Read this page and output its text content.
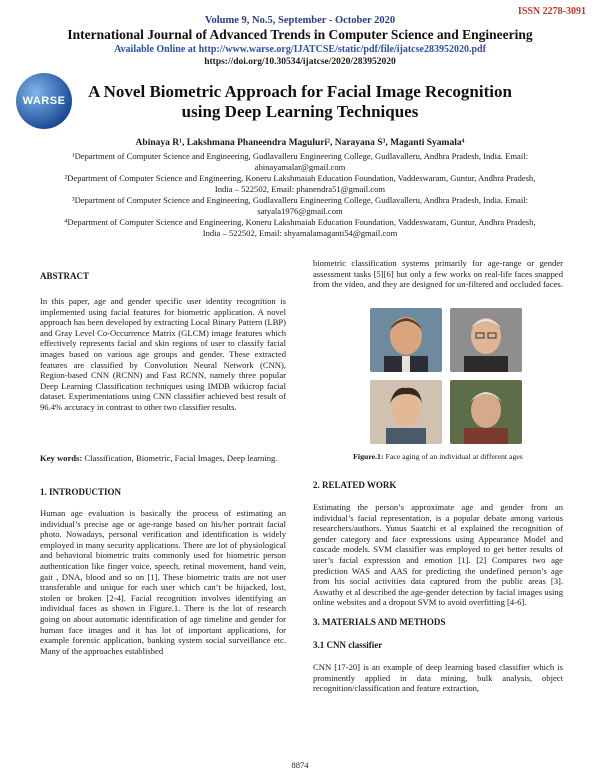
ISSN 2278-3091
Volume 9, No.5, September - October 2020
International Journal of Advanced Trends in Computer Science and Engineering
Available Online at http://www.warse.org/IJATCSE/static/pdf/file/ijatcse283952020.pdf
https://doi.org/10.30534/ijatcse/2020/283952020
WARSE	A Novel Biometric Approach for Facial Image Recognition using Deep Learning Techniques
Abinaya R¹, Lakshmana Phaneendra Maguluri², Narayana S³, Maganti Syamala⁴
¹Department of Computer Science and Engineering, Gudlavalleru Engineering College, Gudlavalleru, Andhra Pradesh, India. Email: abinayamalar@gmail.com
²Department of Computer Science and Engineering, Koneru Lakshmaiah Education Foundation, Vaddeswaram, Guntur, Andhra Pradesh, India – 522502, Email: phanendra51@gmail.com
³Department of Computer Science and Engineering, Gudlavalleru Engineering College, Gudlavalleru, Andhra Pradesh, India. Email: satyala1976@gmail.com
⁴Department of Computer Science and Engineering, Koneru Lakshmaiah Education Foundation, Vaddeswaram, Guntur, Andhra Pradesh, India – 522502, Email: shyamalamaganti54@gmail.com
ABSTRACT

In this paper, age and gender specific user identity recognition is implemented using facial features for biometric application. A novel approach has been developed by extracting Local Binary Pattern (LBP) and Gray Level Co-Occurrence Matrix (GLCM) image features which effectively represents facial and skin regions of user to classify facial images based on various age groups and gender. These extracted features are classified by Convolution Neural Network (CNN), Region-based CNN (RCNN) and Fast RCNN, namely three popular Deep Learning Classification techniques using IMDB wikicrop facial dataset. Experimentations using CNN classifier achieved best result of 96.4% accuracy in contrast to other two classifier results.

Key words: Classification, Biometric, Facial Images, Deep learning.

1. INTRODUCTION

Human age evaluation is basically the process of estimating an individual’s precise age or age-range based on his/her portrait facial photo. Nowadays, personal verification and identification is widely employed in many security applications. There are lot of physiological and behavioral biometric traits commonly used for biometric person authentication like finger voice, speech, retinal movement, hand vein, gait , DNA, blood and so on [1]. These biometric traits are not user transferable and unique for each user which can’t be hijacked, lost, stolen or broken [2-4]. Facial recognition involves identifying an individual faces as shown in Figure.1. There is the lot of research going on about automatic identification of age timeline and gender for human face images and it has lot of important applications, for example forensic application, banking system social surveillance etc. Many of the approaches established

biometric classification systems primarily for age-range or gender assessment tasks [5][6] but only a few works on real-life faces snapped from the video, and they are designed for un-filtered and occluded faces.

Figure.1: Face aging of an individual at different ages
2. RELATED WORK

Estimating the person’s approximate age and gender from an individual’s facial representation, is a popular debate among various researchers/authors. Yunus Saatchi et al explained the recognition of gender category and face expressions using Appearance Model and cascade models. SVM classifier was employed to get better results of user’s facial expression and emotion [1]. [2] Compares two age prediction WAS and AAS for predicting the undefined person’s age from his social activities data captured from the public areas [3]. Aswathy et al described the age-gender detection by facial images using online websites and a dropout SVM to avoid overfitting [4-6].

3. MATERIALS AND METHODS
3.1 CNN classifier

CNN [17-20] is an example of deep learning based classifier which is prominently applied in data mining, bulk analysis, object recognition/classification and feature extraction,

8874
